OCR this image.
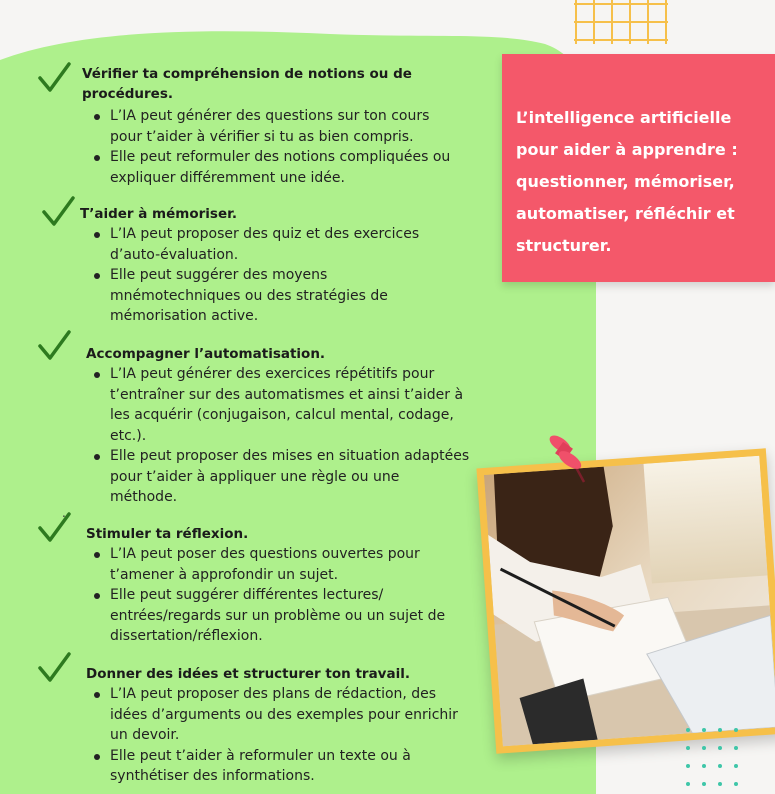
Vérifier ta compréhension de notions ou de procédures.
L’IA peut générer des questions sur ton cours pour t’aider à vérifier si tu as bien compris.
Elle peut reformuler des notions compliquées ou expliquer différemment une idée.
T’aider à mémoriser.
L’IA peut proposer des quiz et des exercices d’auto-évaluation.
Elle peut suggérer des moyens mnémotechniques ou des stratégies de mémorisation active.
Accompagner l’automatisation.
L’IA peut générer des exercices répétitifs pour t’entraîner sur des automatismes et ainsi t’aider à les acquérir (conjugaison, calcul mental, codage, etc.).
Elle peut proposer des mises en situation adaptées pour t’aider à appliquer une règle ou une méthode.
.
Stimuler ta réflexion.
L’IA peut poser des questions ouvertes pour t’amener à approfondir un sujet.
Elle peut suggérer différentes lectures/ entrées/regards sur un problème ou un sujet de dissertation/réflexion.
Donner des idées et structurer ton travail.
L’IA peut proposer des plans de rédaction, des idées d’arguments ou des exemples pour enrichir un devoir.
Elle peut t’aider à reformuler un texte ou à synthétiser des informations.
L’intelligence artificielle pour aider à apprendre : questionner, mémoriser, automatiser, réfléchir et structurer.
